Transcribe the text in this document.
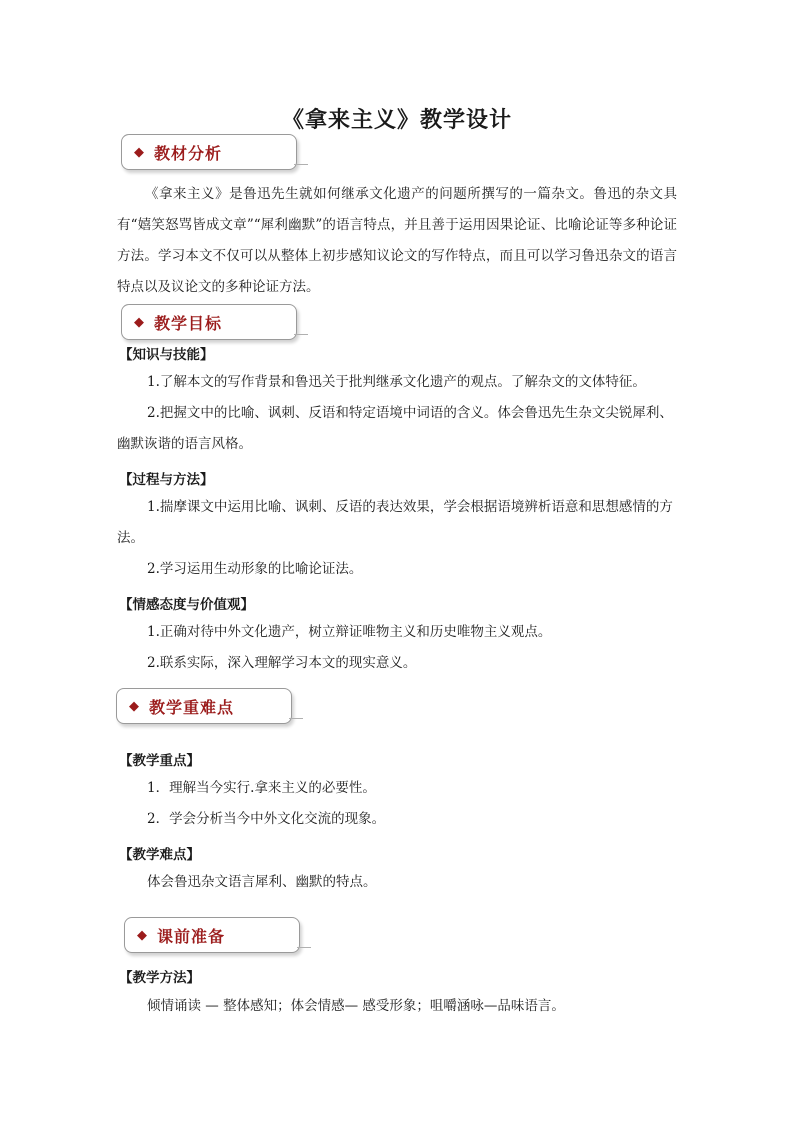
《拿来主义》教学设计
◆ 教材分析
《拿来主义》是鲁迅先生就如何继承文化遗产的问题所撰写的一篇杂文。鲁迅的杂文具有“嬉笑怒骂皆成文章”“犀利幽默”的语言特点，并且善于运用因果论证、比喻论证等多种论证方法。学习本文不仅可以从整体上初步感知议论文的写作特点，而且可以学习鲁迅杂文的语言特点以及议论文的多种论证方法。
◆ 教学目标
【知识与技能】
1.了解本文的写作背景和鲁迅关于批判继承文化遗产的观点。了解杂文的文体特征。
2.把握文中的比喻、讽刺、反语和特定语境中词语的含义。体会鲁迅先生杂文尖锐犀利、幽默诙谐的语言风格。
【过程与方法】
1.揣摩课文中运用比喻、讽刺、反语的表达效果，学会根据语境辨析语意和思想感情的方法。
2.学习运用生动形象的比喻论证法。
【情感态度与价值观】
1.正确对待中外文化遗产，树立辩证唯物主义和历史唯物主义观点。
2.联系实际，深入理解学习本文的现实意义。
◆ 教学重难点
【教学重点】
1．理解当今实行.拿来主义的必要性。
2．学会分析当今中外文化交流的现象。
【教学难点】
体会鲁迅杂文语言犀利、幽默的特点。
◆ 课前准备
【教学方法】
倾情诵读 — 整体感知；体会情感— 感受形象；咀嚼涵咏—品味语言。
